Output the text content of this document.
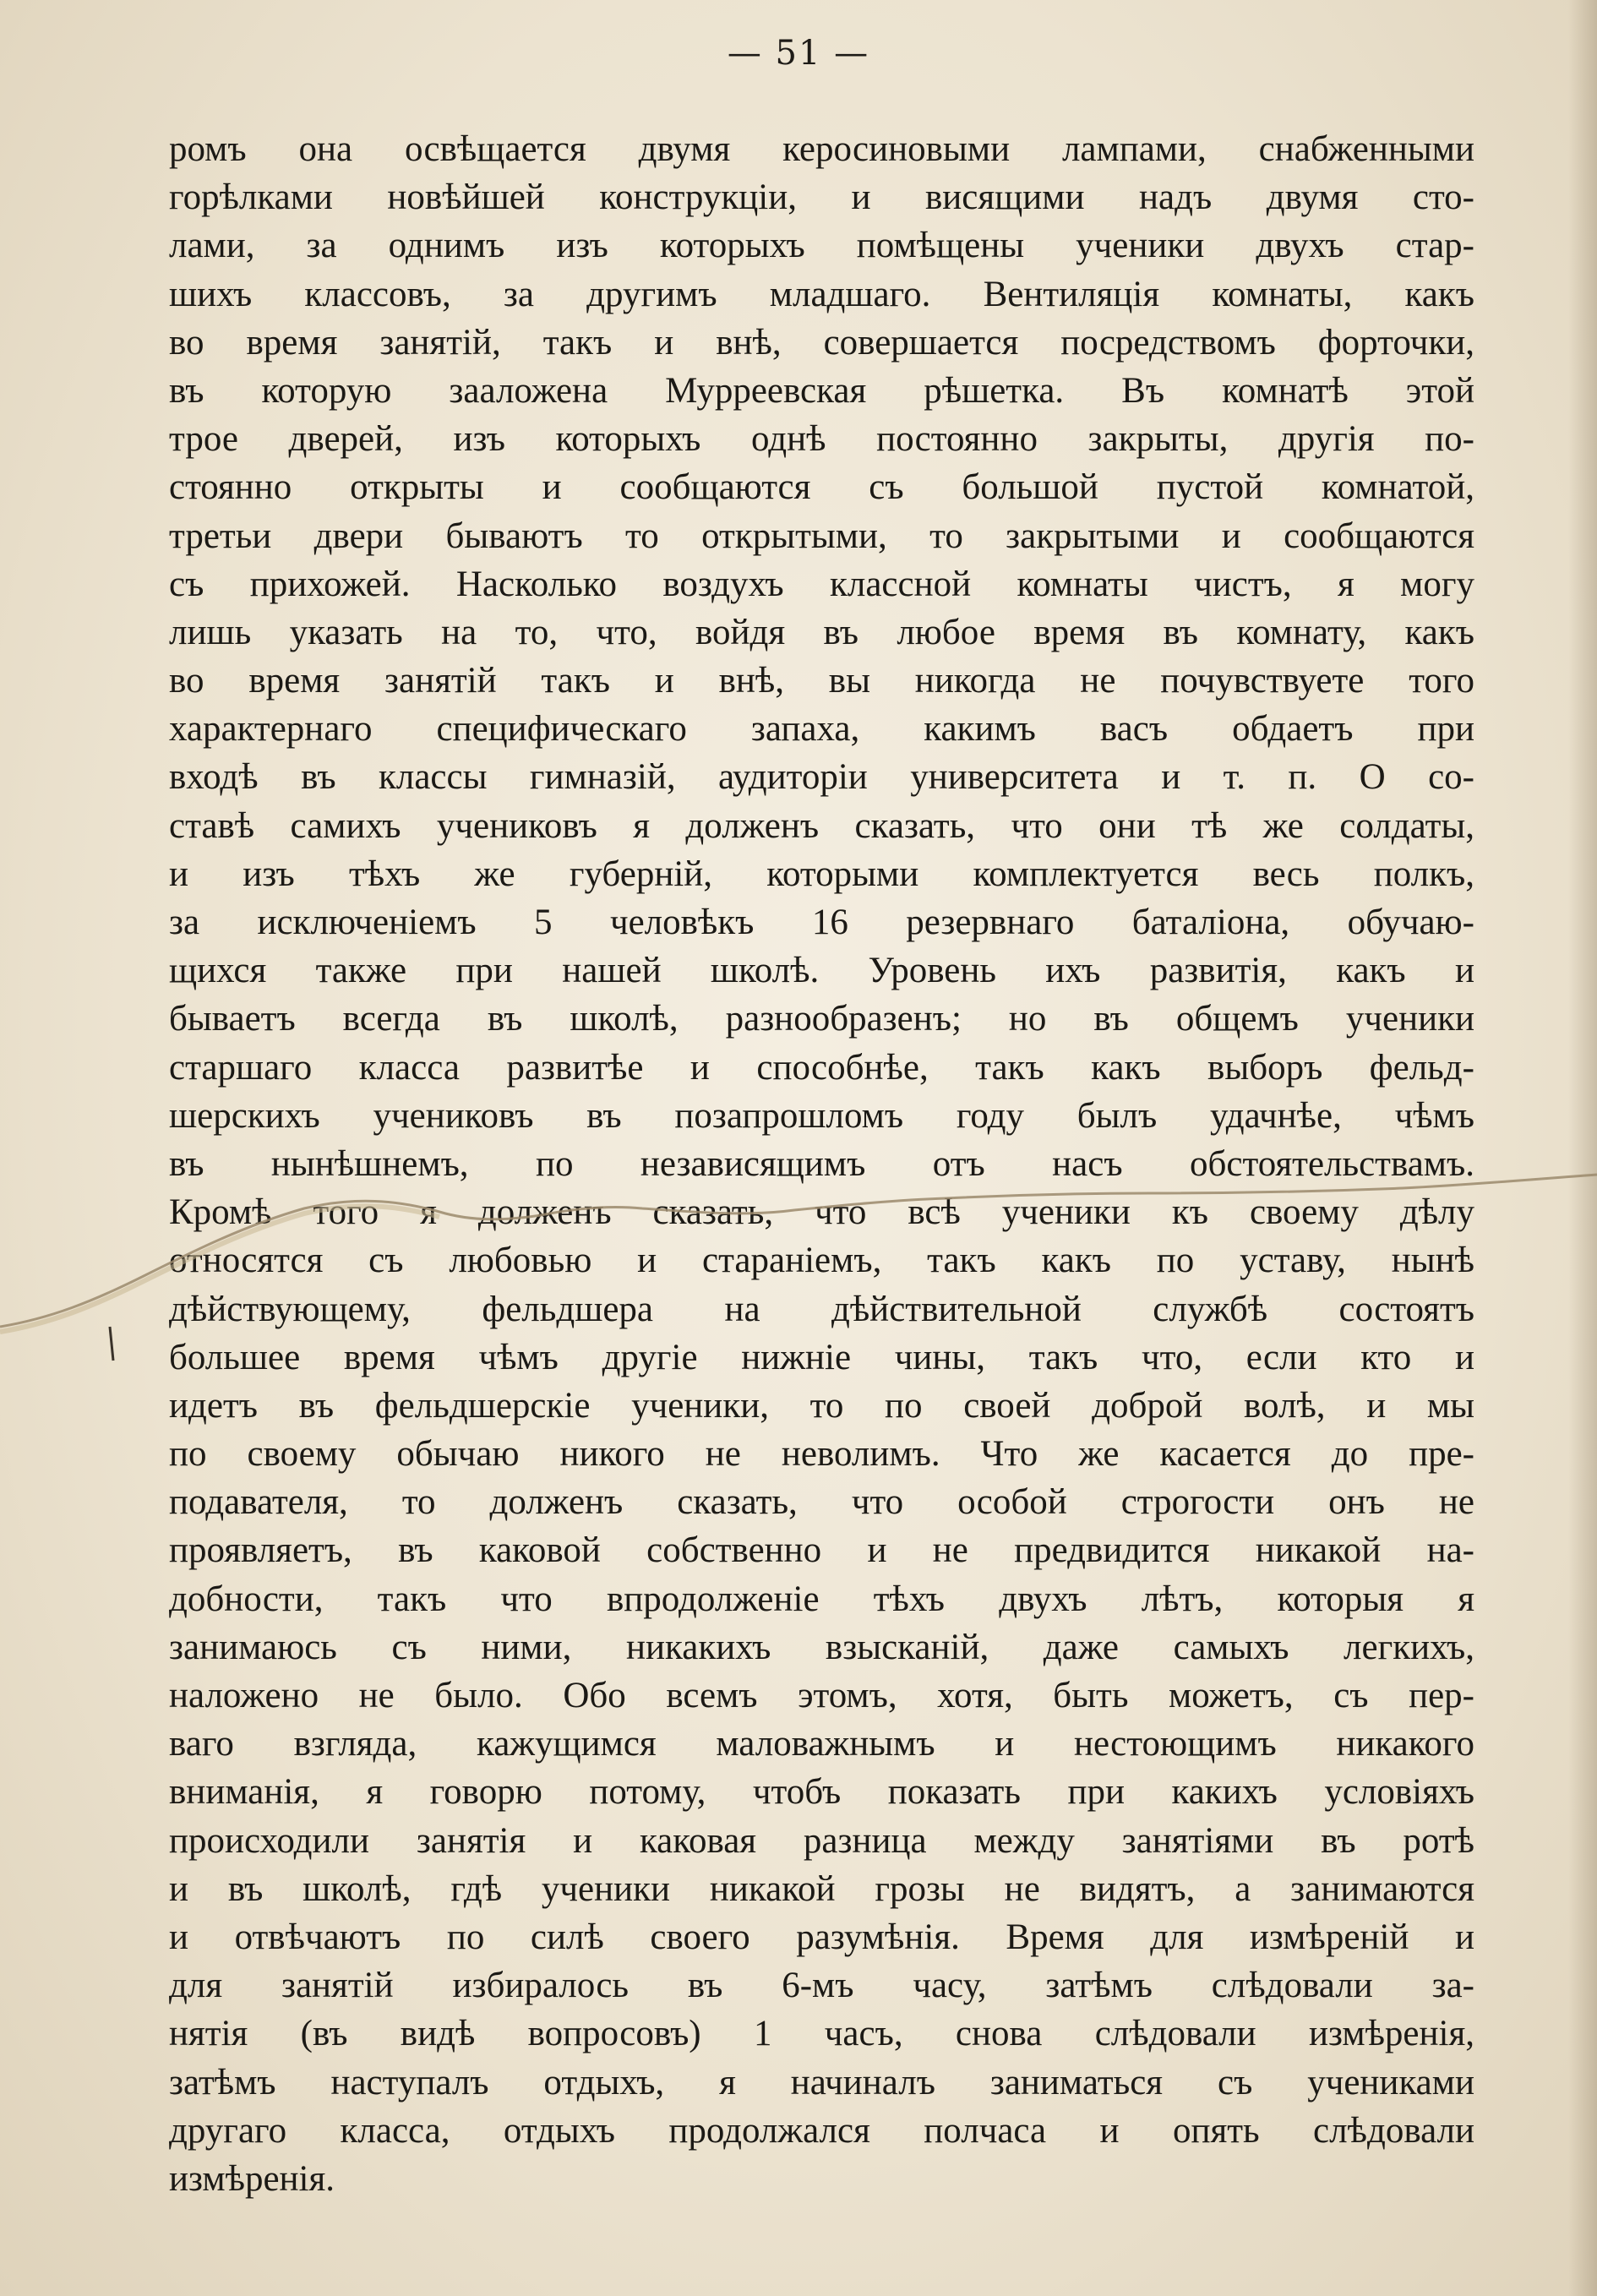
— 51 —
ромъ она освѣщается двумя керосиновыми лампами, снабженными
горѣлками новѣйшей конструкціи, и висящими надъ двумя сто-
лами, за однимъ изъ которыхъ помѣщены ученики двухъ стар-
шихъ классовъ, за другимъ младшаго. Вентиляція комнаты, какъ
во время занятій, такъ и внѣ, совершается посредствомъ форточки,
въ которую зааложена Мурреевская рѣшетка. Въ комнатѣ этой
трое дверей, изъ которыхъ однѣ постоянно закрыты, другія по-
стоянно открыты и сообщаются съ большой пустой комнатой,
третьи двери бываютъ то открытыми, то закрытыми и сообщаются
съ прихожей. Насколько воздухъ классной комнаты чистъ, я могу
лишь указать на то, что, войдя въ любое время въ комнату, какъ
во время занятій такъ и внѣ, вы никогда не почувствуете того
характернаго специфическаго запаха, какимъ васъ обдаетъ при
входѣ въ классы гимназій, аудиторіи университета и т. п. О со-
ставѣ самихъ учениковъ я долженъ сказать, что они тѣ же солдаты,
и изъ тѣхъ же губерній, которыми комплектуется весь полкъ,
за исключеніемъ 5 человѣкъ 16 резервнаго баталіона, обучаю-
щихся также при нашей школѣ. Уровень ихъ развитія, какъ и
бываетъ всегда въ школѣ, разнообразенъ; но въ общемъ ученики
старшаго класса развитѣе и способнѣе, такъ какъ выборъ фельд-
шерскихъ учениковъ въ позапрошломъ году былъ удачнѣе, чѣмъ
въ нынѣшнемъ, по независящимъ отъ насъ обстоятельствамъ.
Кромѣ того я долженъ сказать, что всѣ ученики къ своему дѣлу
относятся съ любовью и стараніемъ, такъ какъ по уставу, нынѣ
дѣйствующему, фельдшера на дѣйствительной службѣ состоятъ
большее время чѣмъ другіе нижніе чины, такъ что, если кто и
идетъ въ фельдшерскіе ученики, то по своей доброй волѣ, и мы
по своему обычаю никого не неволимъ. Что же касается до пре-
подавателя, то долженъ сказать, что особой строгости онъ не
проявляетъ, въ каковой собственно и не предвидится никакой на-
добности, такъ что впродолженіе тѣхъ двухъ лѣтъ, которыя я
занимаюсь съ ними, никакихъ взысканій, даже самыхъ легкихъ,
наложено не было. Обо всемъ этомъ, хотя, быть можетъ, съ пер-
ваго взгляда, кажущимся маловажнымъ и нестоющимъ никакого
вниманія, я говорю потому, чтобъ показать при какихъ условіяхъ
происходили занятія и каковая разница между занятіями въ ротѣ
и въ школѣ, гдѣ ученики никакой грозы не видятъ, а занимаются
и отвѣчаютъ по силѣ своего разумѣнія. Время для измѣреній и
для занятій избиралось въ 6-мъ часу, затѣмъ слѣдовали за-
нятія (въ видѣ вопросовъ) 1 часъ, снова слѣдовали измѣренія,
затѣмъ наступалъ отдыхъ, я начиналъ заниматься съ учениками
другаго класса, отдыхъ продолжался полчаса и опять слѣдовали
измѣренія.
